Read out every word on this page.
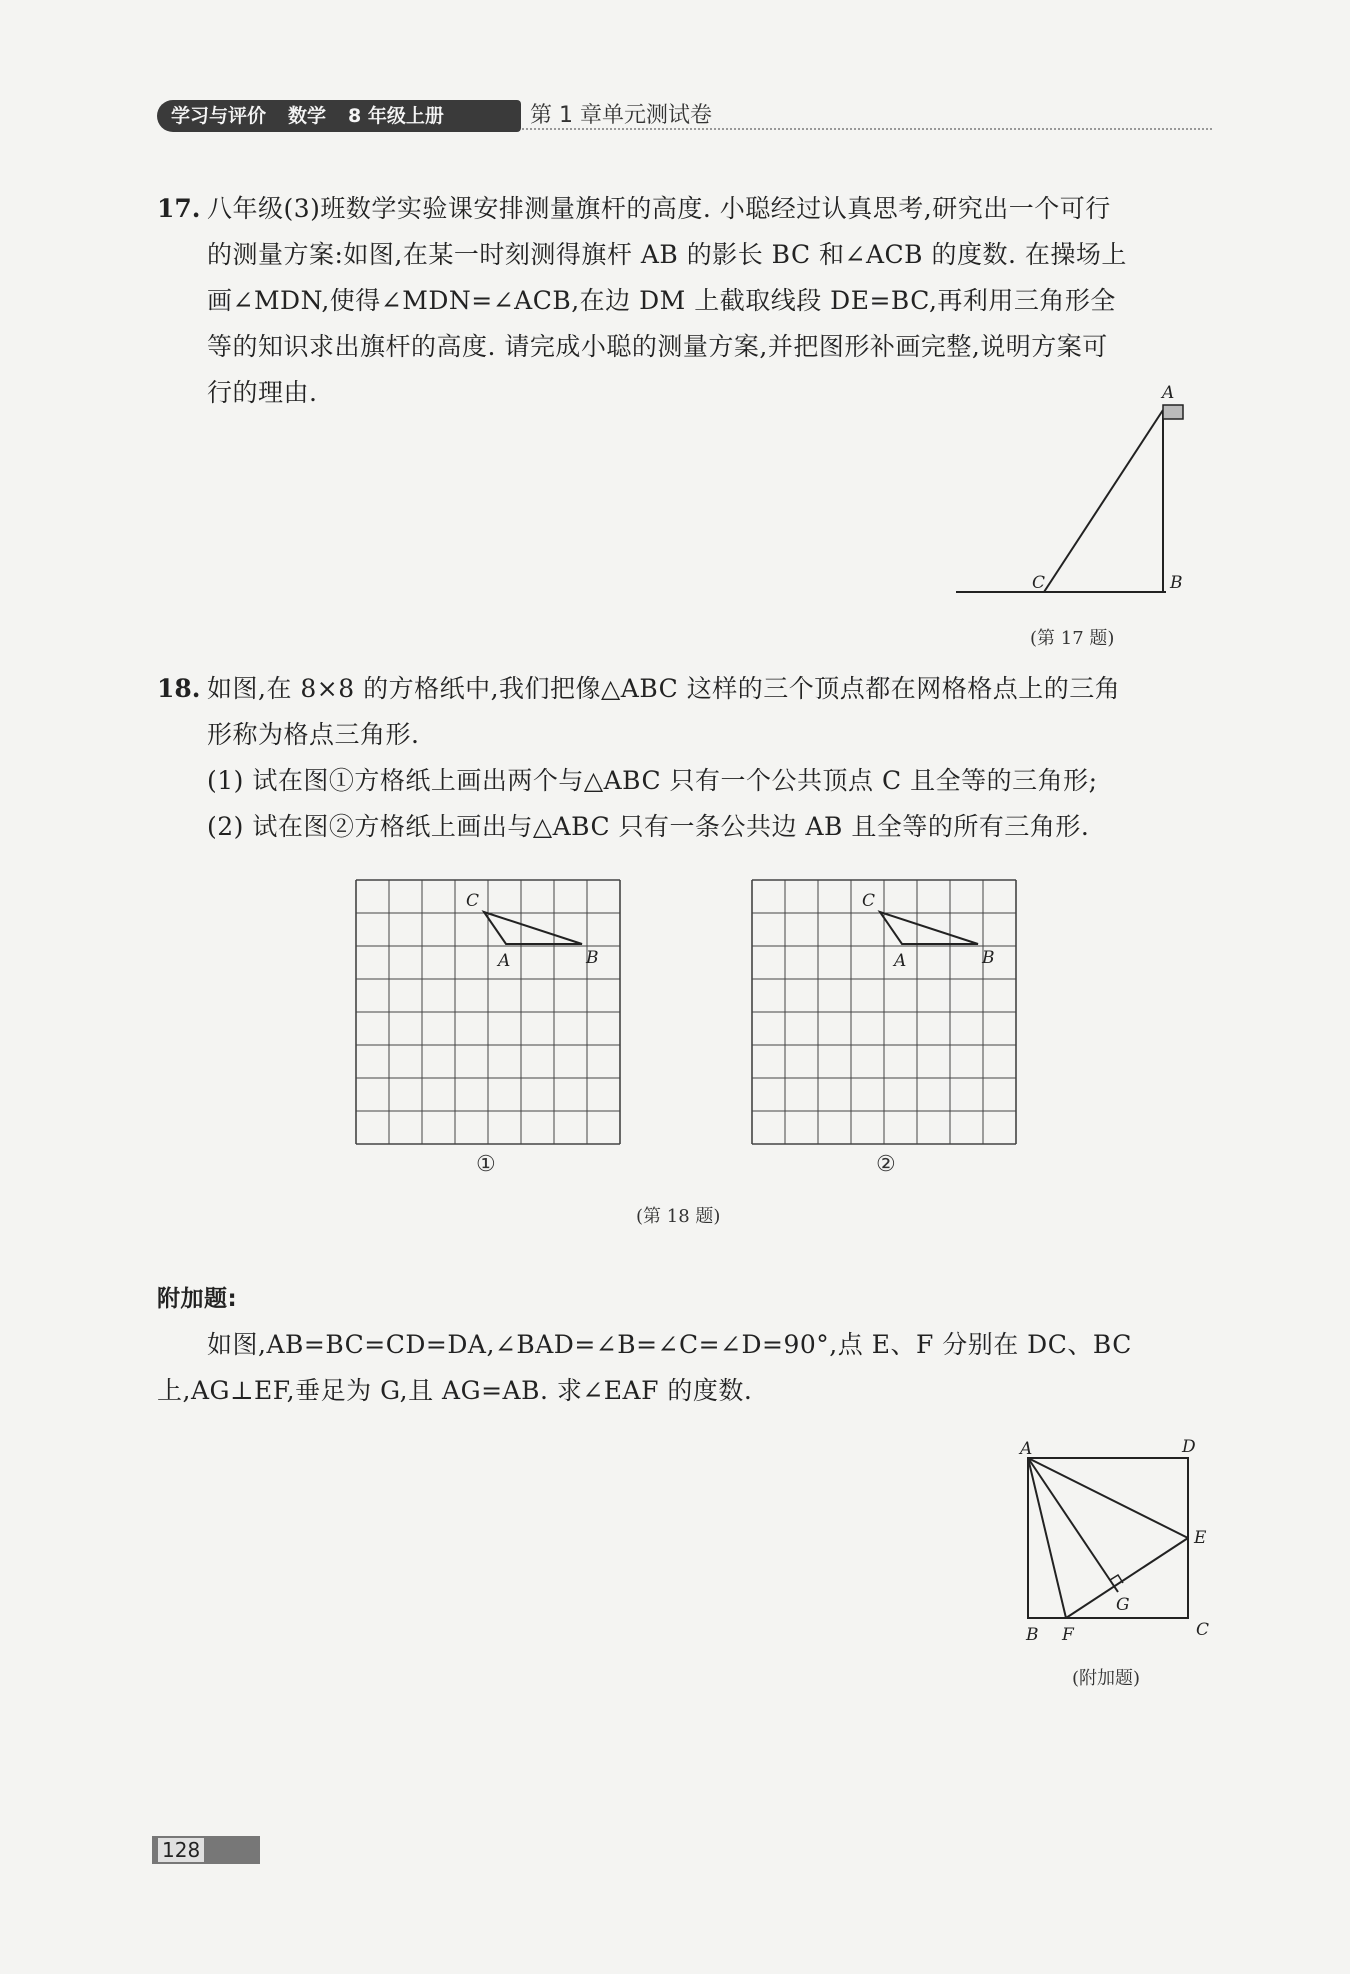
学习与评价 数学 8 年级上册	第 1 章单元测试卷
17. 八年级(3)班数学实验课安排测量旗杆的高度. 小聪经过认真思考,研究出一个可行
的测量方案:如图,在某一时刻测得旗杆 AB 的影长 BC 和∠ACB 的度数. 在操场上
画∠MDN,使得∠MDN=∠ACB,在边 DM 上截取线段 DE=BC,再利用三角形全
等的知识求出旗杆的高度. 请完成小聪的测量方案,并把图形补画完整,说明方案可
行的理由.	A
B
C
(第 17 题)
18. 如图,在 8×8 的方格纸中,我们把像△ABC 这样的三个顶点都在网格格点上的三角
形称为格点三角形.
(1) 试在图①方格纸上画出两个与△ABC 只有一个公共顶点 C 且全等的三角形;
(2) 试在图②方格纸上画出与△ABC 只有一条公共边 AB 且全等的所有三角形.
C
A	B
①
C
A	B
②
(第 18 题)
附加题:
如图,AB=BC=CD=DA,∠BAD=∠B=∠C=∠D=90°,点 E、F 分别在 DC、BC
上,AG⊥EF,垂足为 G,且 AG=AB. 求∠EAF 的度数.
A	D
E
G
B F	C
(附加题)
128
